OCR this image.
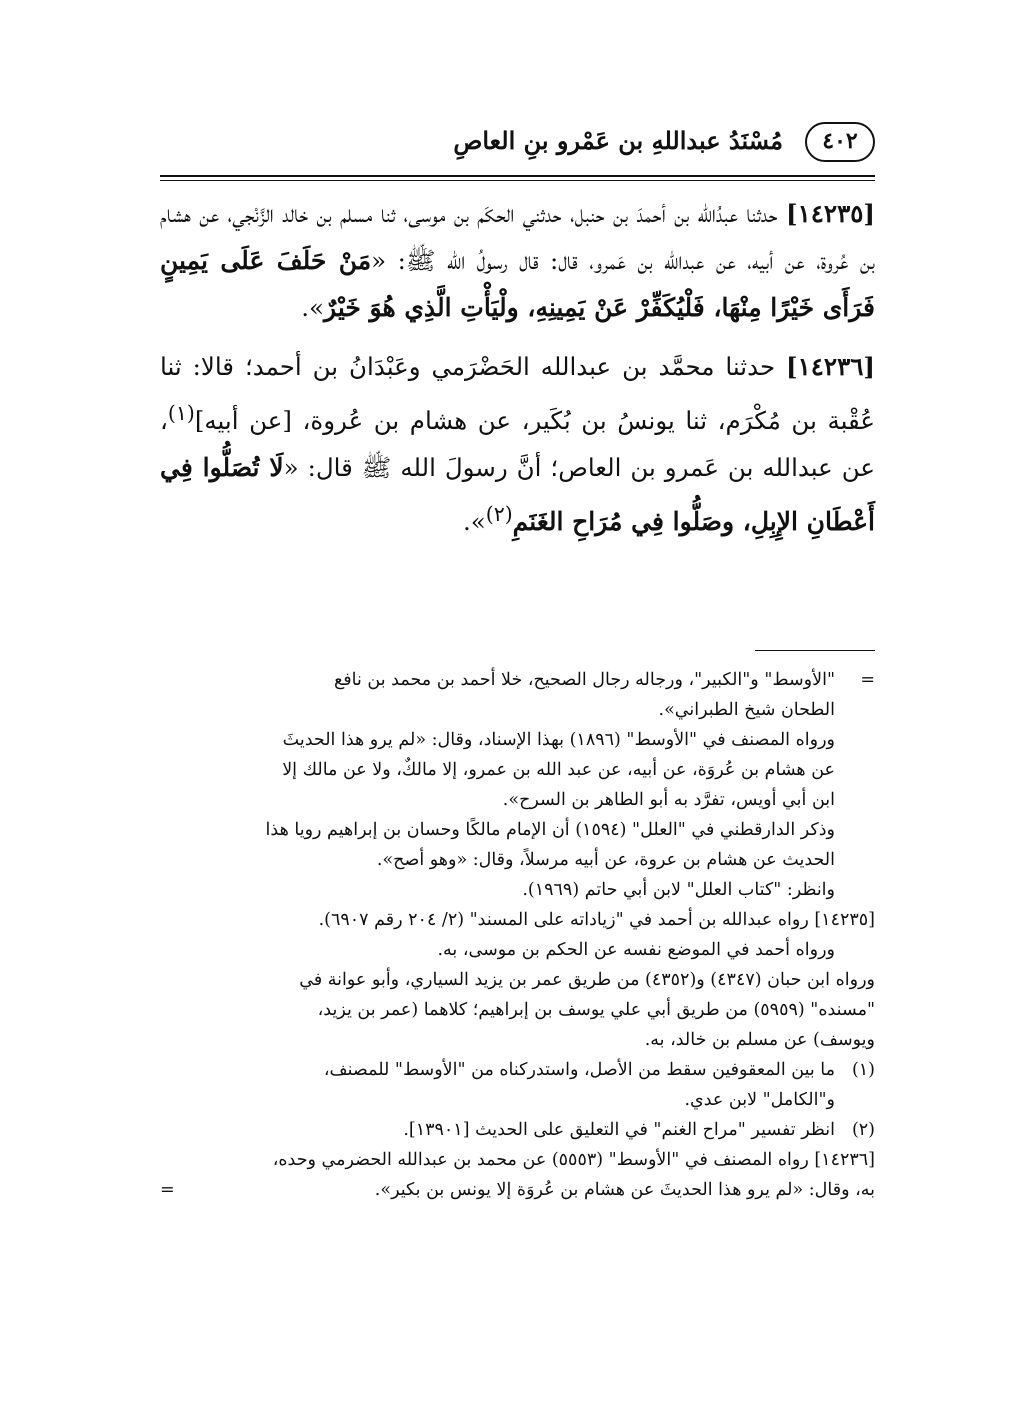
٤٠٢
مُسْنَدُ عبداللهِ بن عَمْرو بنِ العاصِ

[١٤٢٣٥] حدثنا عبدُالله بن أحمدَ بن حنبل، حدثني الحكَم بن موسى، ثنا مسلم بن خالد الزَّنْجي، عن هشام بن عُروة، عن أبيه، عن عبدالله بن عَمرو، قال: قال رسولُ الله ﷺ: «مَنْ حَلَفَ عَلَى يَمِينٍ فَرَأَى خَيْرًا مِنْهَا، فَلْيُكَفِّرْ عَنْ يَمِينِهِ، ولْيَأْتِ الَّذِي هُوَ خَيْرٌ».

[١٤٢٣٦] حدثنا محمَّد بن عبدالله الحَضْرَمي وعَبْدَانُ بن أحمد؛ قالا: ثنا عُقْبة بن مُكْرَم، ثنا يونسُ بن بُكَير، عن هشام بن عُروة، [عن أبيه]$^{(١)}$، عن عبدالله بن عَمرو بن العاص؛ أنَّ رسولَ الله ﷺ قال: «لَا تُصَلُّوا فِي أَعْطَانِ الإِبِلِ، وصَلُّوا فِي مُرَاحِ الغَنَمِ$^{(٢)}$».

=
"الأوسط" و"الكبير"، ورجاله رجال الصحيح، خلا أحمد بن محمد بن نافع
الطحان شيخ الطبراني».
ورواه المصنف في "الأوسط" (١٨٩٦) بهذا الإسناد، وقال: «لم يرو هذا الحديثَ
عن هشام بن عُروَة، عن أبيه، عن عبد الله بن عمرو، إلا مالكٌ، ولا عن مالك إلا
ابن أبي أويس، تفرَّد به أبو الطاهر بن السرح».
وذكر الدارقطني في "العلل" (١٥٩٤) أن الإمام مالكًا وحسان بن إبراهيم رويا هذا
الحديث عن هشام بن عروة، عن أبيه مرسلاً، وقال: «وهو أصح».
وانظر: "كتاب العلل" لابن أبي حاتم (١٩٦٩).
[١٤٢٣٥] رواه عبدالله بن أحمد في "زياداته على المسند" (٢/ ٢٠٤ رقم ٦٩٠٧).
ورواه أحمد في الموضع نفسه عن الحكم بن موسى، به.
ورواه ابن حبان (٤٣٤٧) و(٤٣٥٢) من طريق عمر بن يزيد السياري، وأبو عوانة في
"مسنده" (٥٩٥٩) من طريق أبي علي يوسف بن إبراهيم؛ كلاهما (عمر بن يزيد،
ويوسف) عن مسلم بن خالد، به.
(١)
ما بين المعقوفين سقط من الأصل، واستدركناه من "الأوسط" للمصنف،
و"الكامل" لابن عدي.
(٢)
انظر تفسير "مراح الغنم" في التعليق على الحديث [١٣٩٠١].
[١٤٢٣٦] رواه المصنف في "الأوسط" (٥٥٥٣) عن محمد بن عبدالله الحضرمي وحده،
به، وقال: «لم يرو هذا الحديثَ عن هشام بن عُروَة إلا يونس بن بكير».
=
